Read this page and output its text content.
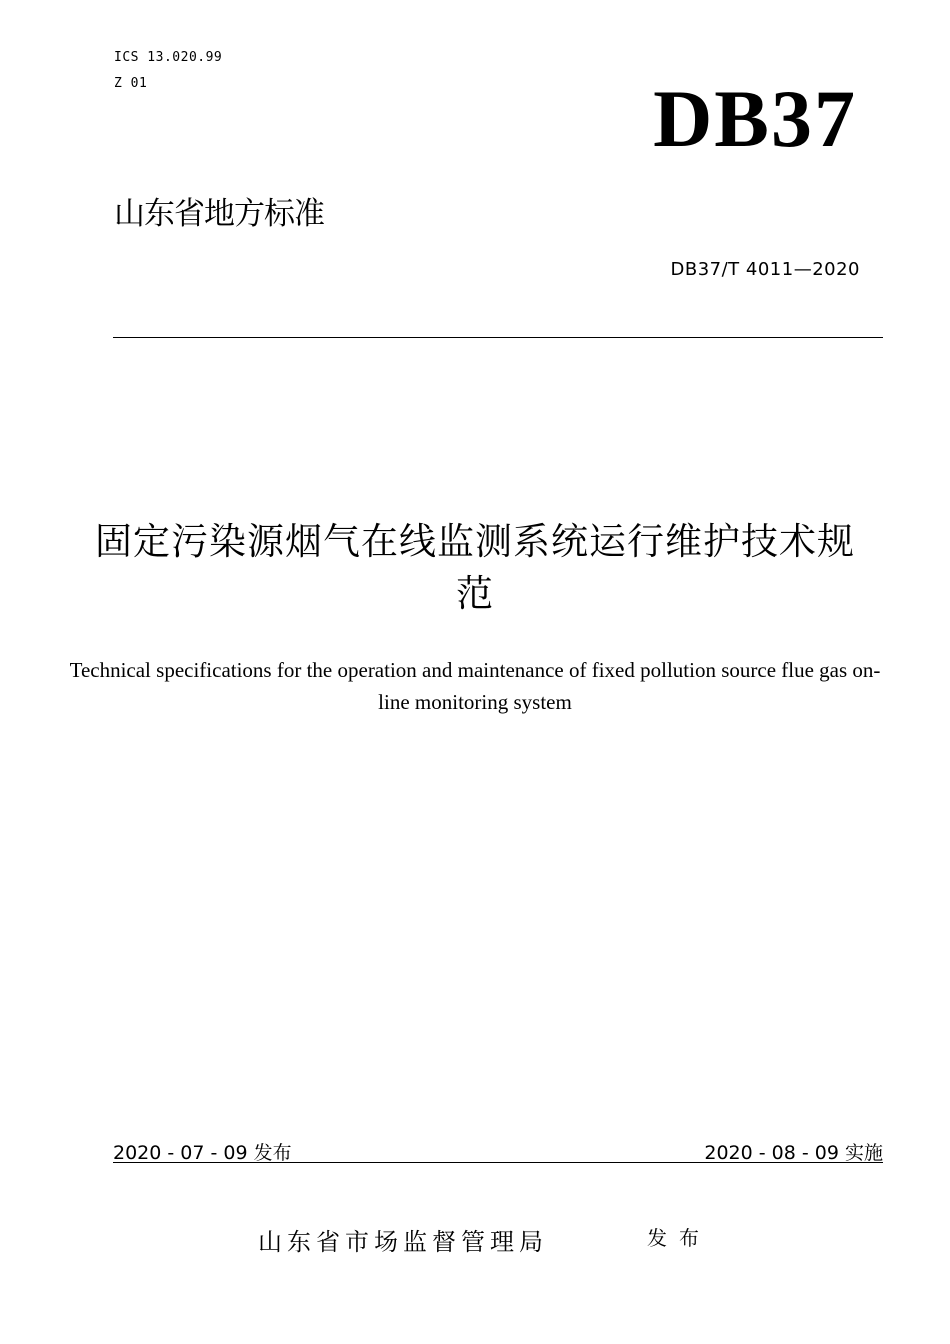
ICS 13.020.99
Z 01	DB37
山东省地方标准
DB37/T 4011—2020
固定污染源烟气在线监测系统运行维护技术规范
Technical specifications for the operation and maintenance of fixed pollution source flue gas on-line monitoring system
2020 - 07 - 09 发布	2020 - 08 - 09 实施
山东省市场监督管理局	发布
